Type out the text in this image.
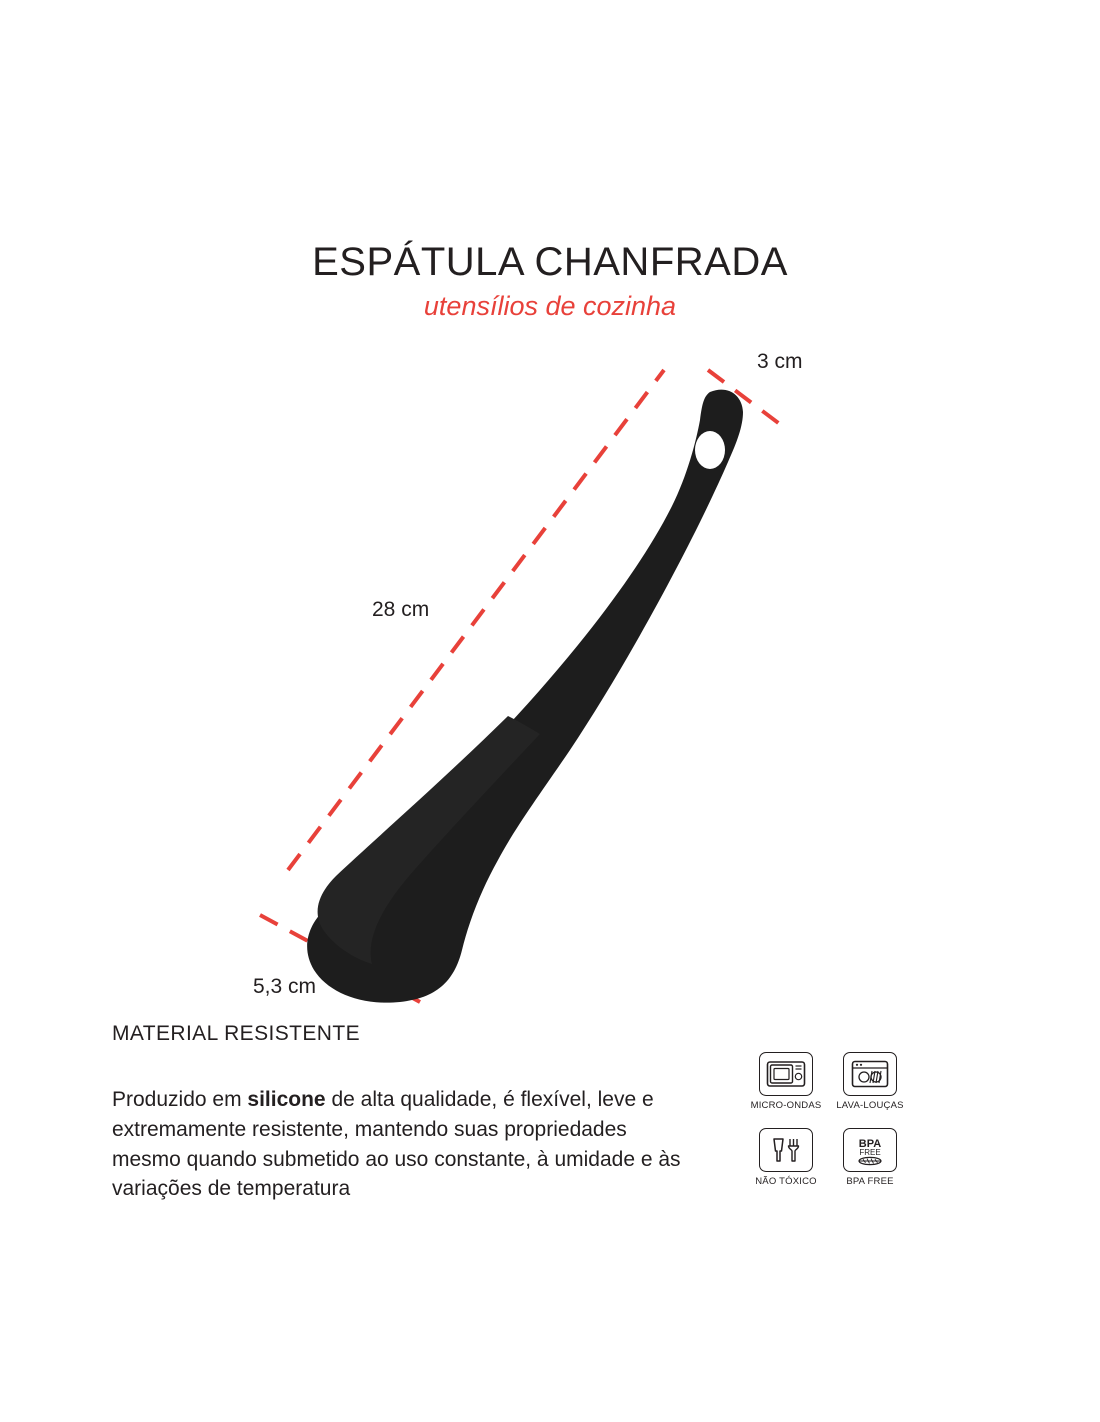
ESPÁTULA CHANFRADA

utensílios de cozinha

28 cm
3 cm
5,3 cm
MATERIAL RESISTENTE
Produzido em silicone de alta qualidade, é flexível, leve e extremamente resistente, mantendo suas propriedades mesmo quando submetido ao uso constante, à umidade e às variações de temperatura
MICRO-ONDAS LAVA-LOUÇAS
NÃO TÓXICO
BPA
FREE
BPA FREE
